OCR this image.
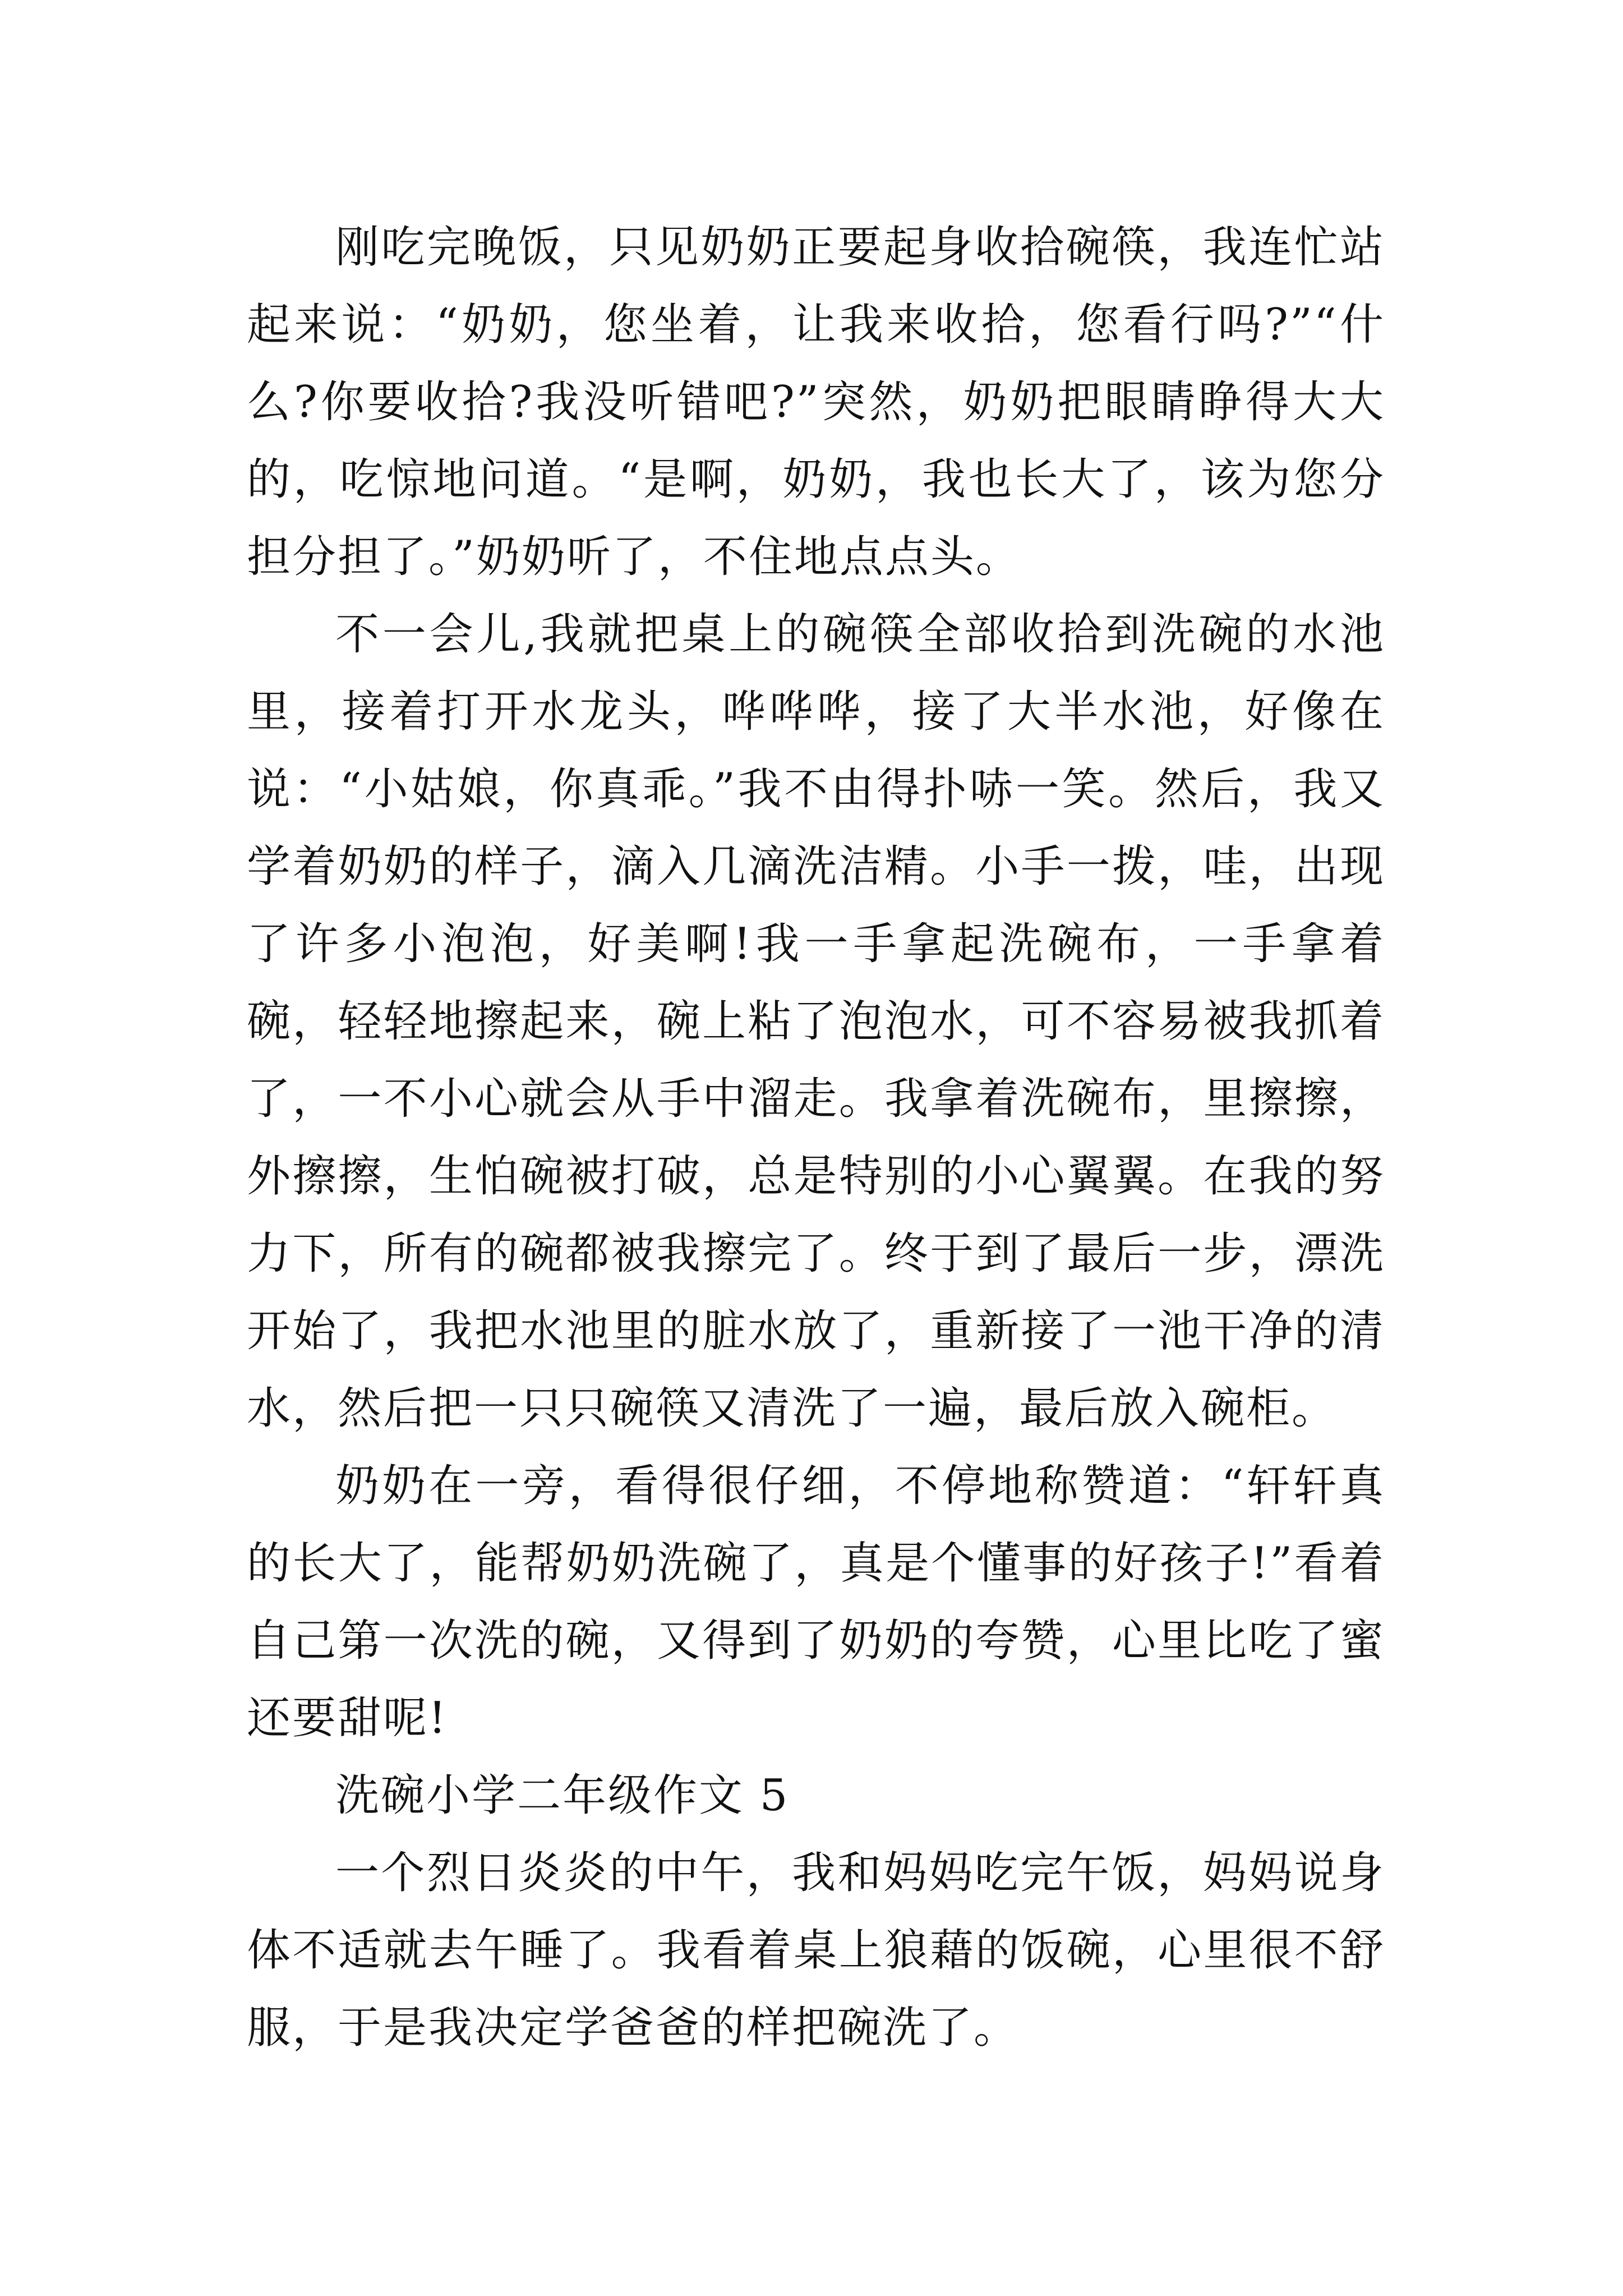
刚吃完晚饭，只见奶奶正要起身收拾碗筷，我连忙站起来说：“奶奶，您坐着，让我来收拾，您看行吗?”“什么?你要收拾?我没听错吧?”突然，奶奶把眼睛睁得大大的，吃惊地问道。“是啊，奶奶，我也长大了，该为您分担分担了。”奶奶听了，不住地点点头。

不一会儿,我就把桌上的碗筷全部收拾到洗碗的水池里，接着打开水龙头，哗哗哗，接了大半水池，好像在说：“小姑娘，你真乖。”我不由得扑哧一笑。然后，我又学着奶奶的样子，滴入几滴洗洁精。小手一拨，哇，出现了许多小泡泡，好美啊!我一手拿起洗碗布，一手拿着碗，轻轻地擦起来，碗上粘了泡泡水，可不容易被我抓着了，一不小心就会从手中溜走。我拿着洗碗布，里擦擦，外擦擦，生怕碗被打破，总是特别的小心翼翼。在我的努力下，所有的碗都被我擦完了。终于到了最后一步，漂洗开始了，我把水池里的脏水放了，重新接了一池干净的清水，然后把一只只碗筷又清洗了一遍，最后放入碗柜。

奶奶在一旁，看得很仔细，不停地称赞道：“轩轩真的长大了，能帮奶奶洗碗了，真是个懂事的好孩子!”看着自己第一次洗的碗，又得到了奶奶的夸赞，心里比吃了蜜还要甜呢!

洗碗小学二年级作文 5

一个烈日炎炎的中午，我和妈妈吃完午饭，妈妈说身体不适就去午睡了。我看着桌上狼藉的饭碗，心里很不舒服，于是我决定学爸爸的样把碗洗了。
